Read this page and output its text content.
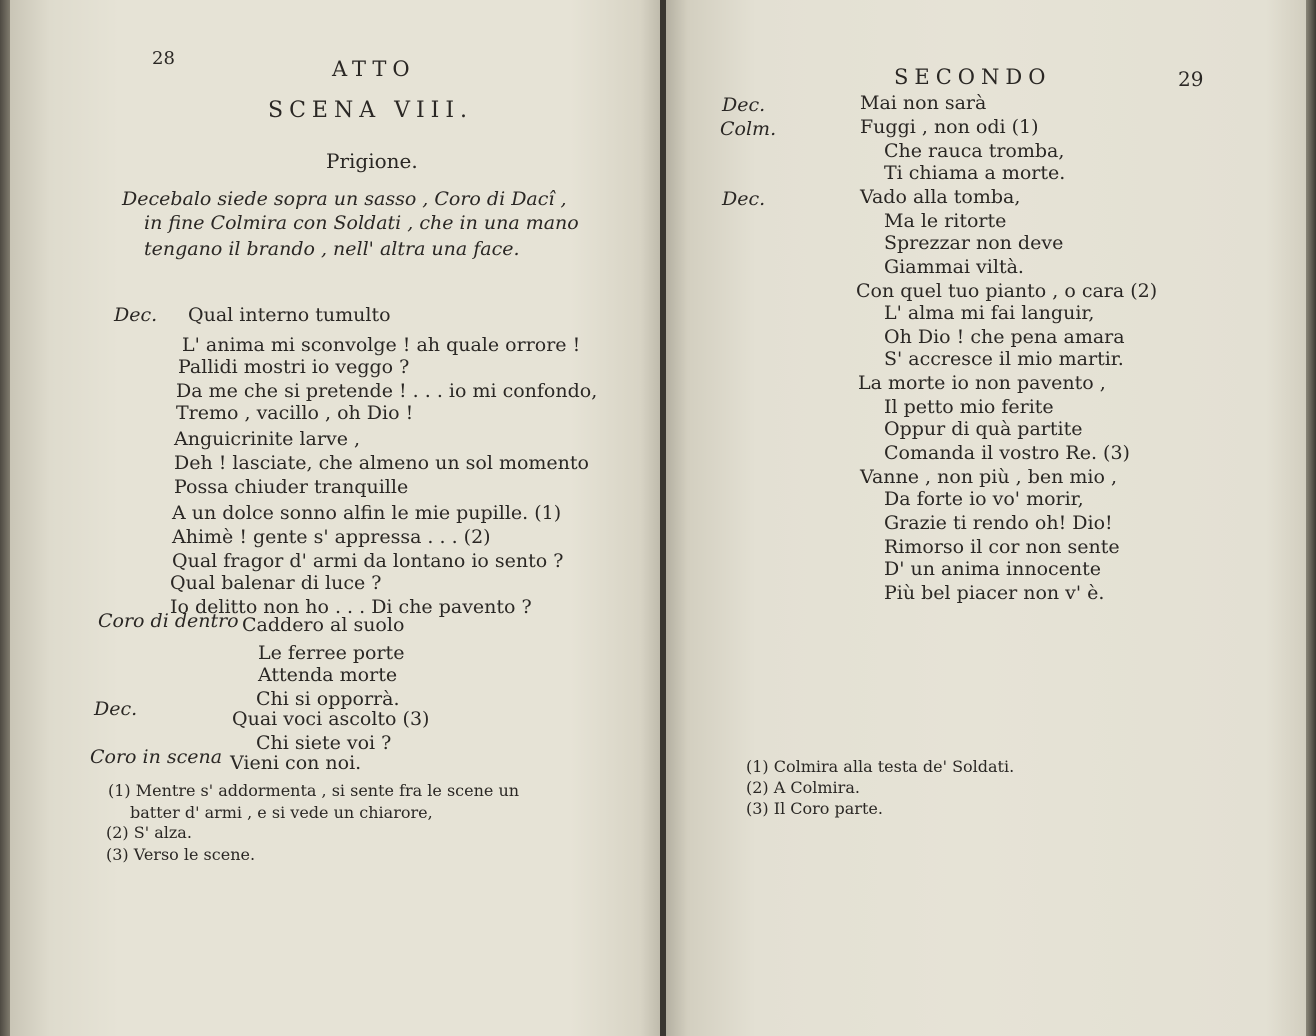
28	ATTO
SCENA VIII.
Prigione.
Decebalo siede sopra un sasso , Coro di Dacî ,
in fine Colmira con Soldati , che in una mano
tengano il brando , nell' altra una face.
Dec. Qual interno tumulto
L' anima mi sconvolge ! ah quale orrore !
Pallidi mostri io veggo ?
Da me che si pretende ! . . . io mi confondo,
Tremo , vacillo , oh Dio !
Anguicrinite larve ,
Deh ! lasciate, che almeno un sol momento
Possa chiuder tranquille
A un dolce sonno alfin le mie pupille. (1)
Ahimè ! gente s' appressa . . . (2)
Qual fragor d' armi da lontano io sento ?
Qual balenar di luce ?
Io delitto non ho . . . Di che pavento ?
Coro di dentro Caddero al suolo
Le ferree porte
Attenda morte
Chi si opporrà.
Dec.	Quai voci ascolto (3)
Chi siete voi ?
Coro in scena Vieni con noi.
(1) Mentre s' addormenta , si sente fra le scene un
batter d' armi , e si vede un chiarore,
(2) S' alza.
(3) Verso le scene.
SECONDO	29
Dec.	Mai non sarà
Colm.	Fuggi , non odi (1)
Che rauca tromba,
Ti chiama a morte.
Dec.	Vado alla tomba,
Ma le ritorte
Sprezzar non deve
Giammai viltà.
Con quel tuo pianto , o cara (2)
L' alma mi fai languir,
Oh Dio ! che pena amara
S' accresce il mio martir.
La morte io non pavento ,
Il petto mio ferite
Oppur di quà partite
Comanda il vostro Re. (3)
Vanne , non più , ben mio ,
Da forte io vo' morir,
Grazie ti rendo oh! Dio!
Rimorso il cor non sente
D' un anima innocente
Più bel piacer non v' è.
(1) Colmira alla testa de' Soldati.
(2) A Colmira.
(3) Il Coro parte.
